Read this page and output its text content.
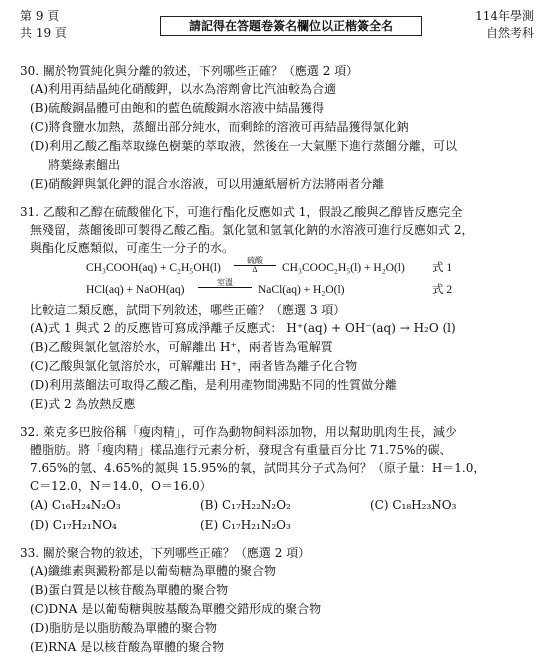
第 9 頁
共 19 頁	請記得在答題卷簽名欄位以正楷簽全名
114年學測
自然考科
30. 關於物質純化與分離的敘述，下列哪些正確？（應選 2 項）
(A)利用再結晶純化硝酸鉀，以水為溶劑會比汽油較為合適
(B)硫酸銅晶體可由飽和的藍色硫酸銅水溶液中結晶獲得
(C)將食鹽水加熱，蒸餾出部分純水，而剩餘的溶液可再結晶獲得氯化鈉
(D)利用乙酸乙酯萃取綠色樹葉的萃取液，然後在一大氣壓下進行蒸餾分離，可以
將葉綠素餾出
(E)硝酸鉀與氯化鉀的混合水溶液，可以用濾紙層析方法將兩者分離
31. 乙酸和乙醇在硫酸催化下，可進行酯化反應如式 1，假設乙酸與乙醇皆反應完全
無殘留，蒸餾後即可製得乙酸乙酯。氯化氫和氫氧化鈉的水溶液可進行反應如式 2，
與酯化反應類似，可產生一分子的水。
CH₃COOH(aq) + C₂H₅OH(l)
硫酸
Δ	CH₃COOC₂H₅(l) + H₂O(l) 式 1
HCl(aq) + NaOH(aq)
室溫
NaCl(aq) + H₂O(l)	式 2
比較這二類反應，試問下列敘述，哪些正確？（應選 3 項）
(A)式 1 與式 2 的反應皆可寫成淨離子反應式： H⁺(aq) + OH⁻(aq) → H₂O (l)
(B)乙酸與氯化氫溶於水，可解離出 H⁺，兩者皆為電解質
(C)乙酸與氯化氫溶於水，可解離出 H⁺，兩者皆為離子化合物
(D)利用蒸餾法可取得乙酸乙酯，是利用產物間沸點不同的性質做分離
(E)式 2 為放熱反應
32. 萊克多巴胺俗稱「瘦肉精」，可作為動物飼料添加物，用以幫助肌肉生長，減少
體脂肪。將「瘦肉精」樣品進行元素分析，發現含有重量百分比 71.75%的碳、
7.65%的氫、4.65%的氮與 15.95%的氧，試問其分子式為何？（原子量：H＝1.0，
C＝12.0，N＝14.0，O＝16.0）
(A) C₁₆H₂₄N₂O₃	(B) C₁₇H₂₂N₂O₂	(C) C₁₈H₂₃NO₃
(D) C₁₇H₂₁NO₄	(E) C₁₇H₂₁N₂O₃
33. 關於聚合物的敘述，下列哪些正確？（應選 2 項）
(A)纖維素與澱粉都是以葡萄糖為單體的聚合物
(B)蛋白質是以核苷酸為單體的聚合物
(C)DNA 是以葡萄糖與胺基酸為單體交錯形成的聚合物
(D)脂肪是以脂肪酸為單體的聚合物
(E)RNA 是以核苷酸為單體的聚合物
